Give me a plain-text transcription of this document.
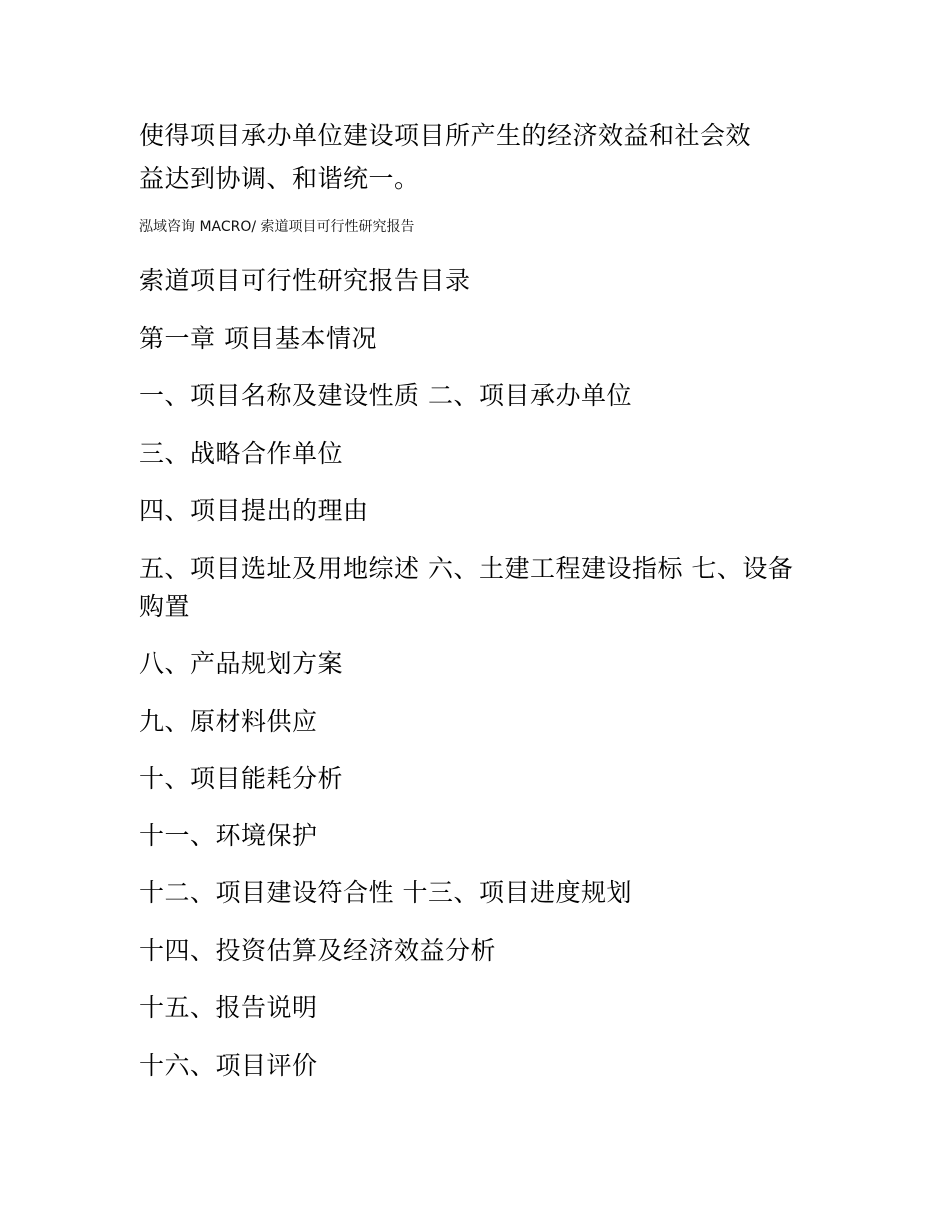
使得项目承办单位建设项目所产生的经济效益和社会效
益达到协调、和谐统一。
泓域咨询 MACRO/ 索道项目可行性研究报告
索道项目可行性研究报告目录
第一章 项目基本情况
一、项目名称及建设性质 二、项目承办单位
三、战略合作单位
四、项目提出的理由
五、项目选址及用地综述 六、土建工程建设指标 七、设备
购置
八、产品规划方案
九、原材料供应
十、项目能耗分析
十一、环境保护
十二、项目建设符合性 十三、项目进度规划
十四、投资估算及经济效益分析
十五、报告说明
十六、项目评价
